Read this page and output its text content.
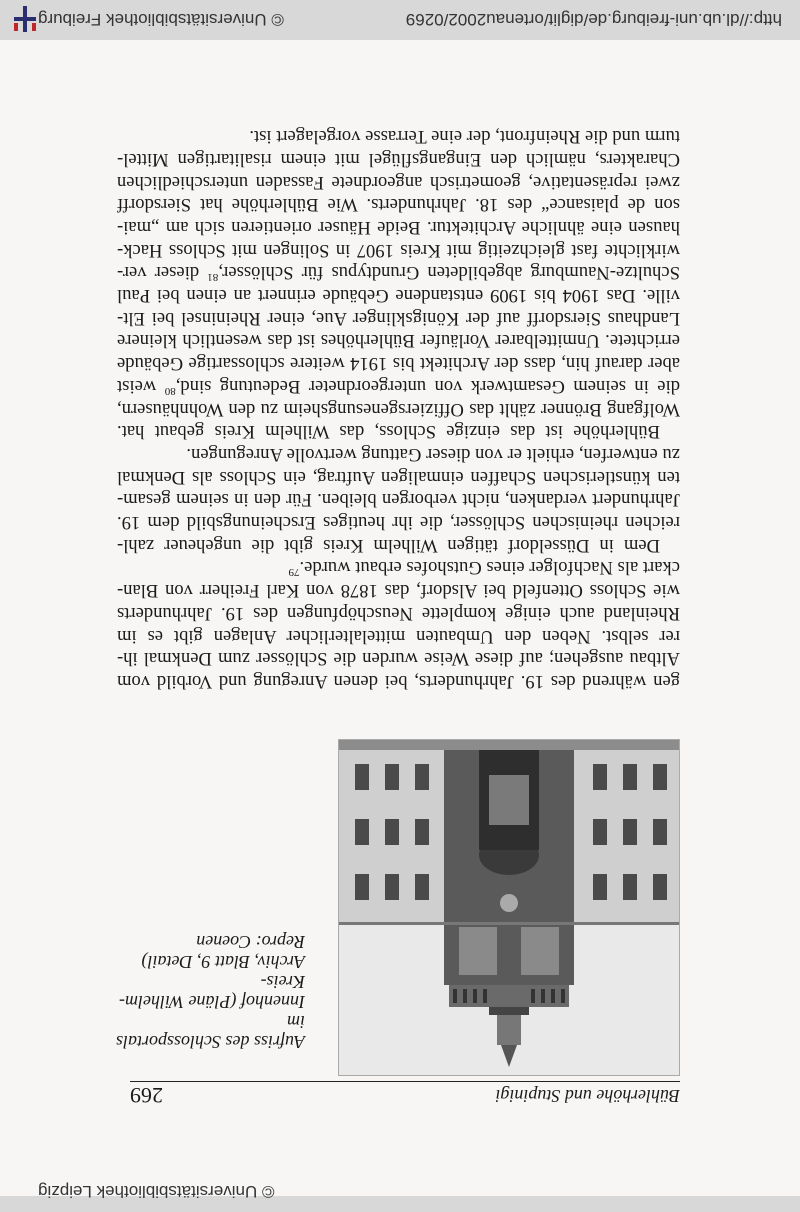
© Universitätsbibliothek Leipzig
Bühlerhöhe und Stupinigi
269
Aufriss des Schlossportals im
Innenhof (Pläne Wilhelm-Kreis-
Archiv, Blatt 9, Detail)
Repro: Coenen
gen während des 19. Jahrhunderts, bei denen Anregung und Vorbild vom
Altbau ausgehen; auf diese Weise wurden die Schlösser zum Denkmal ih-
rer selbst. Neben den Umbauten mittelalterlicher Anlagen gibt es im
Rheinland auch einige komplette Neuschöpfungen des 19. Jahrhunderts
wie Schloss Ottenfeld bei Alsdorf, das 1878 von Karl Freiherr von Blan-
ckart als Nachfolger eines Gutshofes erbaut wurde.$^{79}$
Dem in Düsseldorf tätigen Wilhelm Kreis gibt die ungeheuer zahl-
reichen rheinischen Schlösser, die ihr heutiges Erscheinungsbild dem 19.
Jahrhundert verdanken, nicht verborgen bleiben. Für den in seinem gesam-
ten künstlerischen Schaffen einmaligen Auftrag, ein Schloss als Denkmal
zu entwerfen, erhielt er von dieser Gattung wertvolle Anregungen.
Bühlerhöhe ist das einzige Schloss, das Wilhelm Kreis gebaut hat.
Wolfgang Brönner zählt das Offiziersgenesungsheim zu den Wohnhäusern,
die in seinem Gesamtwerk von untergeordneter Bedeutung sind,$^{80}$ weist
aber darauf hin, dass der Architekt bis 1914 weitere schlossartige Gebäude
errichtete. Unmittelbarer Vorläufer Bühlerhöhes ist das wesentlich kleinere
Landhaus Siersdorff auf der Königsklinger Aue, einer Rheininsel bei Elt-
ville. Das 1904 bis 1909 entstandene Gebäude erinnert an einen bei Paul
Schultze-Naumburg abgebildeten Grundtypus für Schlösser,$^{81}$ dieser ver-
wirklichte fast gleichzeitig mit Kreis 1907 in Solingen mit Schloss Hack-
hausen eine ähnliche Architektur. Beide Häuser orientieren sich am „mai-
son de plaisance“ des 18. Jahrhunderts. Wie Bühlerhöhe hat Siersdorff
zwei repräsentative, geometrisch angeordnete Fassaden unterschiedlichen
Charakters, nämlich den Eingangsflügel mit einem risalitartigen Mittel-
turm und die Rheinfront, der eine Terrasse vorgelagert ist.
http://dl.ub.uni-freiburg.de/diglit/ortenau2002/0269
© Universitätsbibliothek Freiburg
